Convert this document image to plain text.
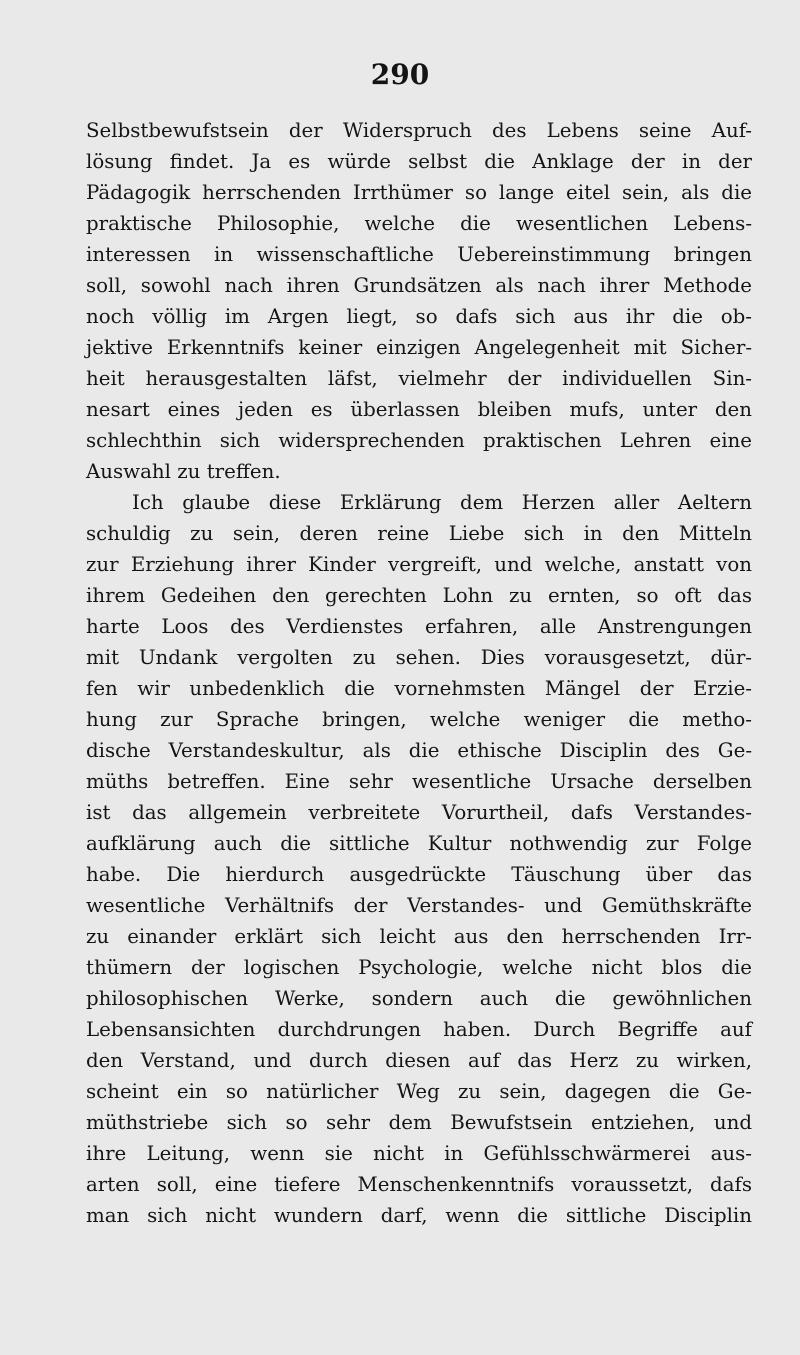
290
Selbstbewufstsein der Widerspruch des Lebens seine Auf-
lösung findet. Ja es würde selbst die Anklage der in der
Pädagogik herrschenden Irrthümer so lange eitel sein, als die
praktische Philosophie, welche die wesentlichen Lebens-
interessen in wissenschaftliche Uebereinstimmung bringen
soll, sowohl nach ihren Grundsätzen als nach ihrer Methode
noch völlig im Argen liegt, so dafs sich aus ihr die ob-
jektive Erkenntnifs keiner einzigen Angelegenheit mit Sicher-
heit herausgestalten läfst, vielmehr der individuellen Sin-
nesart eines jeden es überlassen bleiben mufs, unter den
schlechthin sich widersprechenden praktischen Lehren eine
Auswahl zu treffen.
Ich glaube diese Erklärung dem Herzen aller Aeltern
schuldig zu sein, deren reine Liebe sich in den Mitteln
zur Erziehung ihrer Kinder vergreift, und welche, anstatt von
ihrem Gedeihen den gerechten Lohn zu ernten, so oft das
harte Loos des Verdienstes erfahren, alle Anstrengungen
mit Undank vergolten zu sehen. Dies vorausgesetzt, dür-
fen wir unbedenklich die vornehmsten Mängel der Erzie-
hung zur Sprache bringen, welche weniger die metho-
dische Verstandeskultur, als die ethische Disciplin des Ge-
müths betreffen. Eine sehr wesentliche Ursache derselben
ist das allgemein verbreitete Vorurtheil, dafs Verstandes-
aufklärung auch die sittliche Kultur nothwendig zur Folge
habe. Die hierdurch ausgedrückte Täuschung über das
wesentliche Verhältnifs der Verstandes- und Gemüthskräfte
zu einander erklärt sich leicht aus den herrschenden Irr-
thümern der logischen Psychologie, welche nicht blos die
philosophischen Werke, sondern auch die gewöhnlichen
Lebensansichten durchdrungen haben. Durch Begriffe auf
den Verstand, und durch diesen auf das Herz zu wirken,
scheint ein so natürlicher Weg zu sein, dagegen die Ge-
müthstriebe sich so sehr dem Bewufstsein entziehen, und
ihre Leitung, wenn sie nicht in Gefühlsschwärmerei aus-
arten soll, eine tiefere Menschenkenntnifs voraussetzt, dafs
man sich nicht wundern darf, wenn die sittliche Disciplin
